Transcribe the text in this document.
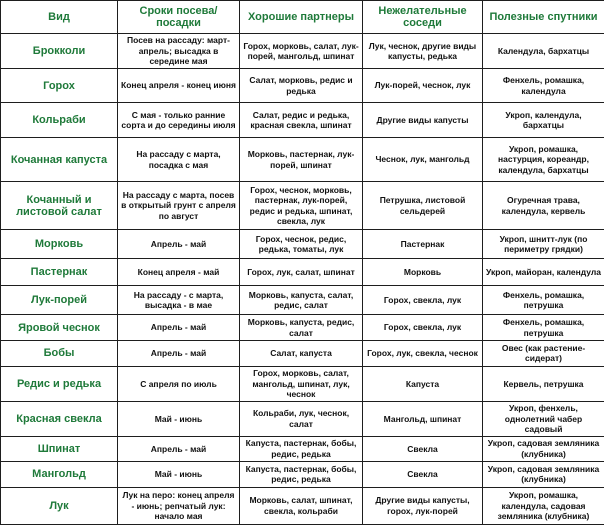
Вид	Сроки посева/посадки	Хорошие партнеры	Нежелательные соседи	Полезные спутники
Брокколи	Посев на рассаду: март-апрель; высадка в середине мая	Горох, морковь, салат, лук-порей, мангольд, шпинат	Лук, чеснок, другие виды капусты, редька	Календула, бархатцы
Горох	Конец апреля - конец июня	Салат, морковь, редис и редька	Лук-порей, чеснок, лук	Фенхель, ромашка, календула
Кольраби	С мая - только ранние сорта и до середины июля	Салат, редис и редька, красная свекла, шпинат	Другие виды капусты	Укроп, календула, бархатцы
Кочанная капуста	На рассаду с марта, посадка с мая	Морковь, пастернак, лук-порей, шпинат	Чеснок, лук, мангольд	Укроп, ромашка, настурция, кореандр, календула, бархатцы
Кочанный и листовой салат	На рассаду с марта, посев в открытый грунт с апреля по август	Горох, чеснок, морковь, пастернак, лук-порей, редис и редька, шпинат, свекла, лук	Петрушка, листовой сельдерей	Огуречная трава, календула, кервель
Морковь	Апрель - май	Горох, чеснок, редис, редька, томаты, лук	Пастернак	Укроп, шнитт-лук (по периметру грядки)
Пастернак	Конец апреля - май	Горох, лук, салат, шпинат	Морковь	Укроп, майоран, календула
Лук-порей	На рассаду - с марта, высадка - в мае	Морковь, капуста, салат, редис, салат	Горох, свекла, лук	Фенхель, ромашка, петрушка
Яровой чеснок	Апрель - май	Морковь, капуста, редис, салат	Горох, свекла, лук	Фенхель, ромашка, петрушка
Бобы	Апрель - май	Салат, капуста	Горох, лук, свекла, чеснок	Овес (как растение-сидерат)
Редис и редька	С апреля по июль	Горох, морковь, салат, мангольд, шпинат, лук, чеснок	Капуста	Кервель, петрушка
Красная свекла	Май - июнь	Кольраби, лук, чеснок, салат	Мангольд, шпинат	Укроп, фенхель, однолетний чабер садовый
Шпинат	Апрель - май	Капуста, пастернак, бобы, редис, редька	Свекла	Укроп, садовая земляника (клубника)
Мангольд	Май - июнь	Капуста, пастернак, бобы, редис, редька	Свекла	Укроп, садовая земляника (клубника)
Лук	Лук на перо: конец апреля - июнь; репчатый лук: начало мая	Морковь, салат, шпинат, свекла, кольраби	Другие виды капусты, горох, лук-порей	Укроп, ромашка, календула, садовая земляника (клубника)
